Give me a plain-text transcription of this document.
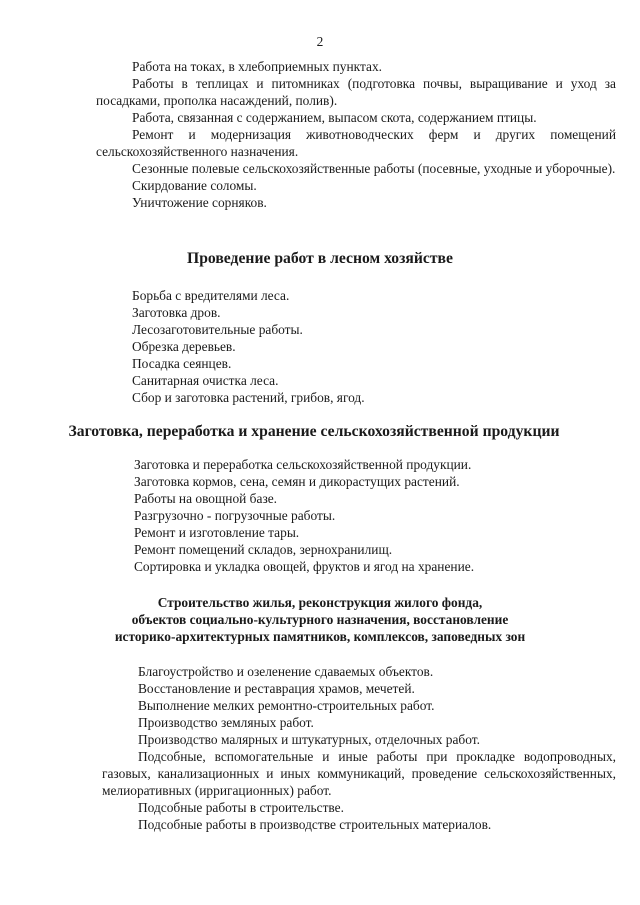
2

Работа на токах, в хлебоприемных пунктах.

Работы в теплицах и питомниках (подготовка почвы, выращивание и уход за посадками, прополка насаждений, полив).

Работа, связанная с содержанием, выпасом скота, содержанием птицы.

Ремонт и модернизация животноводческих ферм и других помещений сельскохозяйственного назначения.

Сезонные полевые сельскохозяйственные работы (посевные, уходные и уборочные).

Скирдование соломы.

Уничтожение сорняков.

Проведение работ в лесном хозяйстве
Борьба с вредителями леса.
Заготовка дров.
Лесозаготовительные работы.
Обрезка деревьев.
Посадка сеянцев.
Санитарная очистка леса.
Сбор и заготовка растений, грибов, ягод.
Заготовка, переработка и хранение сельскохозяйственной продукции
Заготовка и переработка сельскохозяйственной продукции.
Заготовка кормов, сена, семян и дикорастущих растений.
Работы на овощной базе.
Разгрузочно - погрузочные работы.
Ремонт и изготовление тары.
Ремонт помещений складов, зернохранилищ.
Сортировка и укладка овощей, фруктов и ягод на хранение.
Строительство жилья, реконструкция жилого фонда,
объектов социально-культурного назначения, восстановление
историко-архитектурных памятников, комплексов, заповедных зон

Благоустройство и озеленение сдаваемых объектов.

Восстановление и реставрация храмов, мечетей.

Выполнение мелких ремонтно-строительных работ.

Производство земляных работ.

Производство малярных и штукатурных, отделочных работ.

Подсобные, вспомогательные и иные работы при прокладке водопроводных, газовых, канализационных и иных коммуникаций, проведение сельскохозяйственных, мелиоративных (ирригационных) работ.

Подсобные работы в строительстве.

Подсобные работы в производстве строительных материалов.
